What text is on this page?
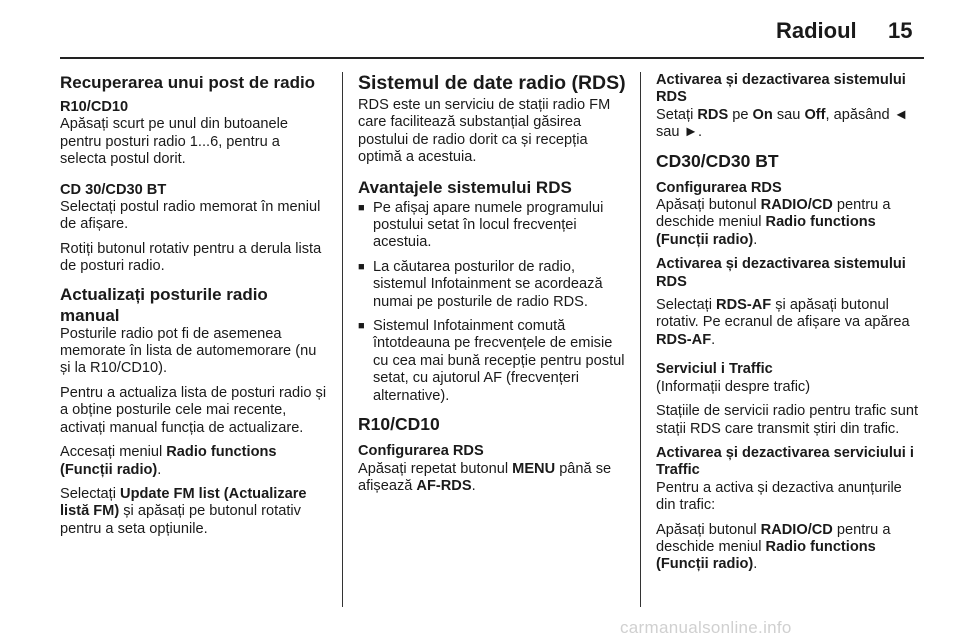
Radioul 15
Recuperarea unui post de radio
R10/CD10

Apăsați scurt pe unul din butoanele pentru posturi radio 1...6, pentru a selecta postul dorit.

CD 30/CD30 BT

Selectați postul radio memorat în meniul de afișare.

Rotiți butonul rotativ pentru a derula lista de posturi radio.

Actualizați posturile radio manual

Posturile radio pot fi de asemenea memorate în lista de automemorare (nu și la R10/CD10).

Pentru a actualiza lista de posturi radio și a obține posturile cele mai recente, activați manual funcția de actualizare.

Accesați meniul Radio functions (Funcții radio).

Selectați Update FM list (Actualizare listă FM) și apăsați pe butonul rotativ pentru a seta opțiunile.

Sistemul de date radio (RDS)

RDS este un serviciu de stații radio FM care facilitează substanțial găsirea postului de radio dorit ca și recepția optimă a acestuia.

Avantajele sistemului RDS
■ Pe afișaj apare numele programului postului setat în locul frecvenței acestuia.
■ La căutarea posturilor de radio, sistemul Infotainment se acordează numai pe posturile de radio RDS.
■ Sistemul Infotainment comută întotdeauna pe frecvențele de emisie cu cea mai bună recepție pentru postul setat, cu ajutorul AF (frecvențeri alternative).
R10/CD10
Configurarea RDS

Apăsați repetat butonul MENU până se afișează AF-RDS.

Activarea și dezactivarea sistemului RDS

Setați RDS pe On sau Off, apăsând ◄ sau ►.

CD30/CD30 BT
Configurarea RDS

Apăsați butonul RADIO/CD pentru a deschide meniul Radio functions (Funcții radio).

Activarea și dezactivarea sistemului RDS

Selectați RDS-AF și apăsați butonul rotativ. Pe ecranul de afișare va apărea RDS-AF.

Serviciul i Traffic

(Informații despre trafic)

Stațiile de servicii radio pentru trafic sunt stații RDS care transmit știri din trafic.

Activarea și dezactivarea serviciului i Traffic

Pentru a activa și dezactiva anunțurile din trafic:

Apăsați butonul RADIO/CD pentru a deschide meniul Radio functions (Funcții radio).

carmanualsonline.info
